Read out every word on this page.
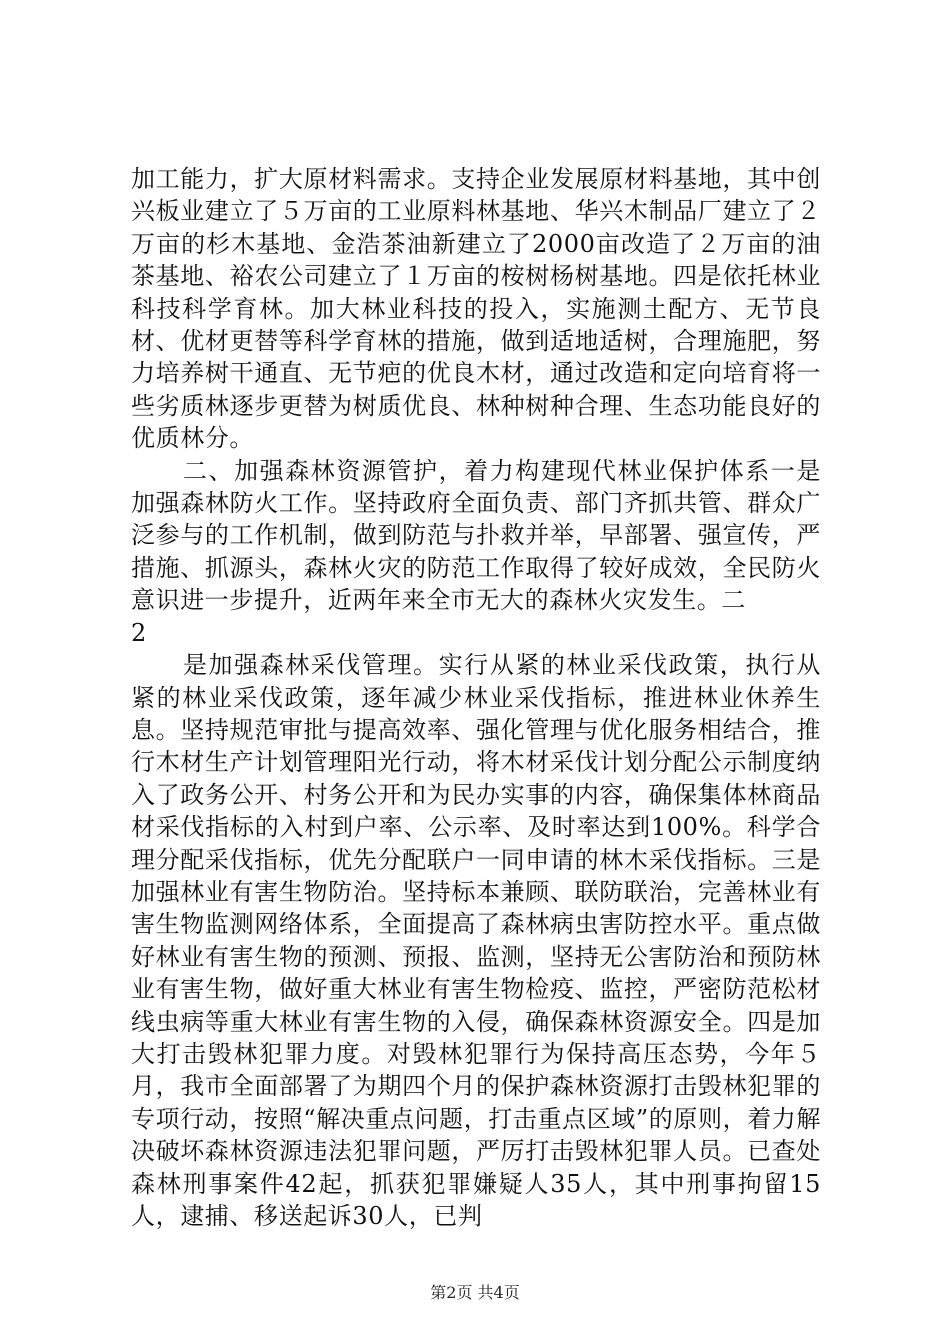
加工能力，扩大原材料需求。支持企业发展原材料基地，其中创兴板业建立了５万亩的工业原料林基地、华兴木制品厂建立了２万亩的杉木基地、金浩茶油新建立了2000亩改造了２万亩的油茶基地、裕农公司建立了１万亩的桉树杨树基地。四是依托林业科技科学育林。加大林业科技的投入，实施测土配方、无节良材、优材更替等科学育林的措施，做到适地适树，合理施肥，努力培养树干通直、无节疤的优良木材，通过改造和定向培育将一些劣质林逐步更替为树质优良、林种树种合理、生态功能良好的优质林分。

二、加强森林资源管护，着力构建现代林业保护体系一是加强森林防火工作。坚持政府全面负责、部门齐抓共管、群众广泛参与的工作机制，做到防范与扑救并举，早部署、强宣传，严措施、抓源头，森林火灾的防范工作取得了较好成效，全民防火意识进一步提升，近两年来全市无大的森林火灾发生。二

2

是加强森林采伐管理。实行从紧的林业采伐政策，执行从紧的林业采伐政策，逐年减少林业采伐指标，推进林业休养生息。坚持规范审批与提高效率、强化管理与优化服务相结合，推行木材生产计划管理阳光行动，将木材采伐计划分配公示制度纳入了政务公开、村务公开和为民办实事的内容，确保集体林商品材采伐指标的入村到户率、公示率、及时率达到100%。科学合理分配采伐指标，优先分配联户一同申请的林木采伐指标。三是加强林业有害生物防治。坚持标本兼顾、联防联治，完善林业有害生物监测网络体系，全面提高了森林病虫害防控水平。重点做好林业有害生物的预测、预报、监测，坚持无公害防治和预防林业有害生物，做好重大林业有害生物检疫、监控，严密防范松材线虫病等重大林业有害生物的入侵，确保森林资源安全。四是加大打击毁林犯罪力度。对毁林犯罪行为保持高压态势，今年５月，我市全面部署了为期四个月的保护森林资源打击毁林犯罪的专项行动，按照“解决重点问题，打击重点区域”的原则，着力解决破坏森林资源违法犯罪问题，严厉打击毁林犯罪人员。已查处森林刑事案件42起，抓获犯罪嫌疑人35人，其中刑事拘留15人，逮捕、移送起诉30人，已判

第2页 共4页
